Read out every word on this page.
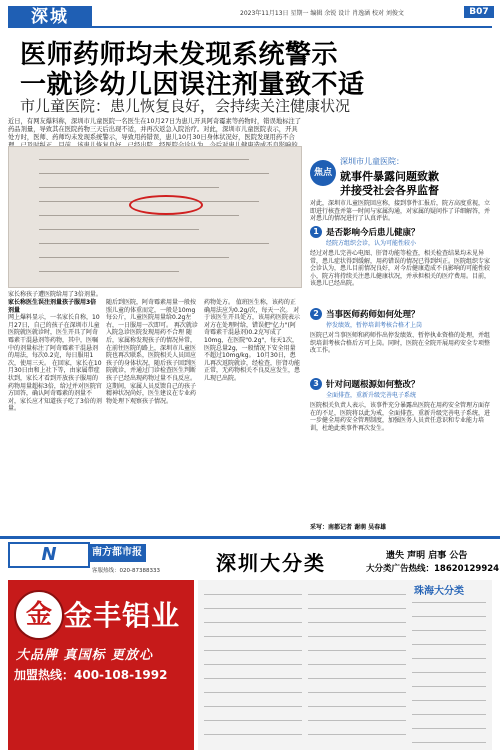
深城	2023年11月13日 星期一 编辑 余锐 设计 肖逸涵 校对 刘俊文	B07
医师药师均未发现系统警示
一就诊幼儿因误注剂量致不适
市儿童医院：患儿恢复良好，会持续关注健康状况
近日，有网友爆料称，深圳市儿童医院一名医生在10月27日为患儿开具阿奇霉素等药物时，错误地标注了药品剂量，导致其在医院药物三天后出现不适，并再次返急入院治疗。对此，深圳市儿童医院表示，开具处方时，医师、药师均未发现系统警示，导致用药错误，患儿10月30日身体状况好，医院发现用药不合
家长称孩子遭医院给用了3倍剂量。
家长称医生误注剂量孩子服用3倍剂量
网上爆料显示，一名家长自称，10月27日，自己的孩子在深圳市儿童医院就医就诊时，医生开具了阿奇霉素干混悬剂等药物，其中，医嘱中的剂量标注了阿奇霉素干混悬剂的用法，每次0.2克，每日服用1次，使用三天。 在回家，家长在10月30日由和上社下等，由家属带症状到，家长才看到开放孩子服用的药物用量超标3倍，给过并对医院官方回答，确认阿奇霉素的剂量不对，家长应才知道孩子吃了3倍的剂量。
随后到医院，阿奇霉素用量一般按照儿童的体重而定，一般是10mg每公斤，儿童医院用量给0.2g左右，一日服用一次即可。 再次就诊入院急诊医院发现用药不合理 随后，家属称发现孩子的情况异常，在前往医院的路上，深圳市儿童医院也再次联系，医院相关人员回应孩子的身体状况，随后孩子回到医院就诊，并通过门诊检查医生判断孩子已经出现药物过量不良反应。 这期间，家属人员反馈自己的孩子精神状况尚好，医生建议在专业药物处理下观察孩子情况。
药物处方。 值班医生称，该药的正确用法应为0.2g/次，每天一次。 对于该医生开具处方，该用药医院表示对方在处理时给，错误把"亿力"(阿奇霉素干混悬剂)0.2克写成了10mg，在医院"0.2g"，每天1次，医院总量2g，一般情况下安全用量不超过10mg/kg。 10月30日，患儿再次返院就诊，经检查，肝肾功能正常，无药物相关不良反应发生，患儿现已出院。
焦点
深圳市儿童医院：
就事件暴露问题致歉
并接受社会各界监督
对此，深圳市儿童医院回应称，接到事件汇报后，院方高度重视，立即进行核查并第一时间与家属沟通，对家属的疑问作了详细解答，并对患儿的情况进行了认真评估。
1 是否影响今后患儿健康？
经院方组织会诊，认为可能性较小
经过对患儿完善心电图、肝肾功能等检查，相关检查结果均未见异常，患儿症状得到缓解，用药错误的情况已得到纠正。医院组织专家会诊认为，患儿目前情况良好，对今后健康造成不良影响的可能性较小，院方将持续关注患儿健康状况，并承担相关的医疗费用。目前，该患儿已经出院。
2 当事医师药师如何处理？
停发绩效，暂停培训考核合格才上岗
医院已对当事医师和药师作出停发绩效、暂停执业资格的处理，并组织培训考核合格后方可上岗。同时，医院在全院开展用药安全专项整改工作。
3 针对问题根源如何整改？
全面排查，重新升级完善电子系统
医院相关负责人表示，该事件充分暴露出医院在用药安全管理方面存在的不足，医院将以此为戒，全面排查，重新升级完善电子系统，进一步健全用药安全管理制度，加强医务人员责任意识和专业能力培训，杜绝此类事件再次发生。
采写：南都记者 谢萌 吴春雄
N	南方都市报
客服热线：020-87388333	深圳大分类	遗失 声明 启事 公告
大分类广告热线：18620129924
金 金丰铝业
大品牌 真国标 更放心
加盟热线：400-108-1992
珠海大分类
